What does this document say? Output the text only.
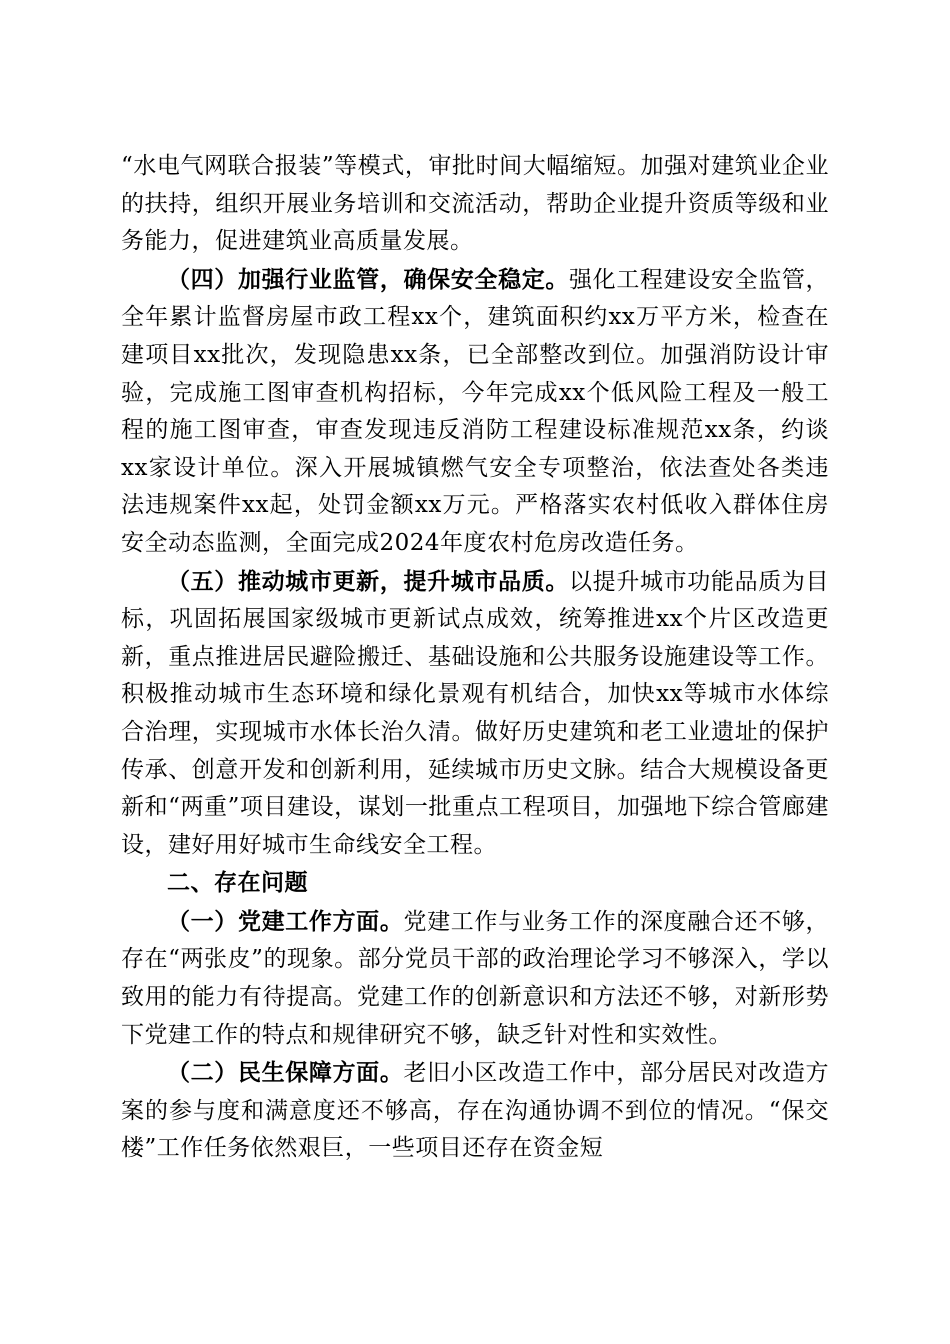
“水电气网联合报装”等模式，审批时间大幅缩短。加强对建筑业企业的扶持，组织开展业务培训和交流活动，帮助企业提升资质等级和业务能力，促进建筑业高质量发展。

（四）加强行业监管，确保安全稳定。强化工程建设安全监管，全年累计监督房屋市政工程xx个，建筑面积约xx万平方米，检查在建项目xx批次，发现隐患xx条，已全部整改到位。加强消防设计审验，完成施工图审查机构招标，今年完成xx个低风险工程及一般工程的施工图审查，审查发现违反消防工程建设标准规范xx条，约谈xx家设计单位。深入开展城镇燃气安全专项整治，依法查处各类违法违规案件xx起，处罚金额xx万元。严格落实农村低收入群体住房安全动态监测，全面完成2024年度农村危房改造任务。

（五）推动城市更新，提升城市品质。以提升城市功能品质为目标，巩固拓展国家级城市更新试点成效，统筹推进xx个片区改造更新，重点推进居民避险搬迁、基础设施和公共服务设施建设等工作。积极推动城市生态环境和绿化景观有机结合，加快xx等城市水体综合治理，实现城市水体长治久清。做好历史建筑和老工业遗址的保护传承、创意开发和创新利用，延续城市历史文脉。结合大规模设备更新和“两重”项目建设，谋划一批重点工程项目，加强地下综合管廊建设，建好用好城市生命线安全工程。

二、存在问题

（一）党建工作方面。党建工作与业务工作的深度融合还不够，存在“两张皮”的现象。部分党员干部的政治理论学习不够深入，学以致用的能力有待提高。党建工作的创新意识和方法还不够，对新形势下党建工作的特点和规律研究不够，缺乏针对性和实效性。

（二）民生保障方面。老旧小区改造工作中，部分居民对改造方案的参与度和满意度还不够高，存在沟通协调不到位的情况。“保交楼”工作任务依然艰巨，一些项目还存在资金短
